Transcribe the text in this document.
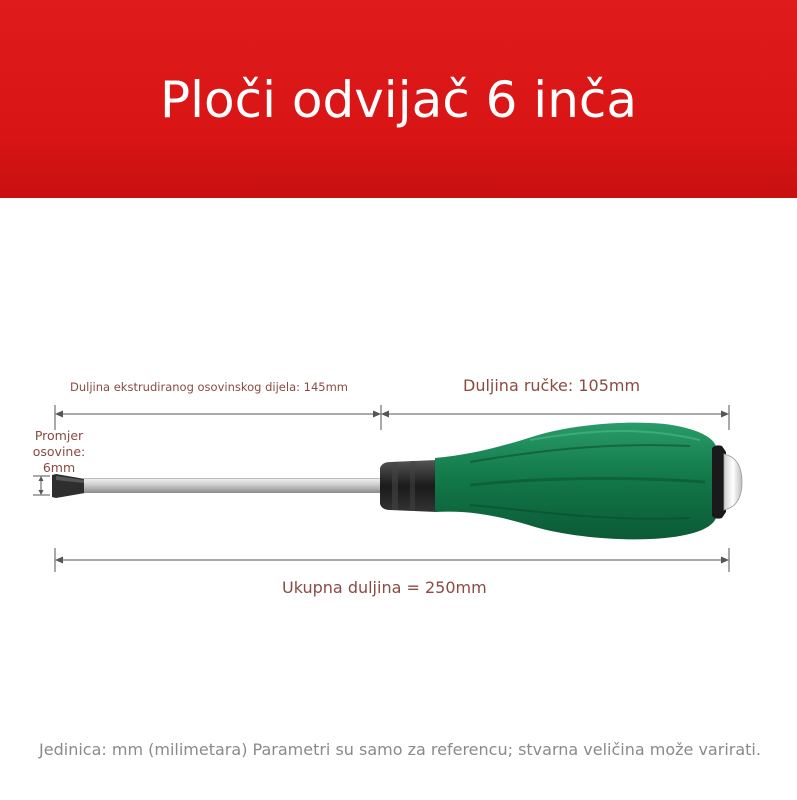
Ploči odvijač 6 inča
Duljina ekstrudiranog osovinskog dijela: 145mm	Duljina ručke: 105mm
Ukupna duljina = 250mm
Promjer osovine: 6mm
Jedinica: mm (milimetara) Parametri su samo za referencu; stvarna veličina može varirati.
